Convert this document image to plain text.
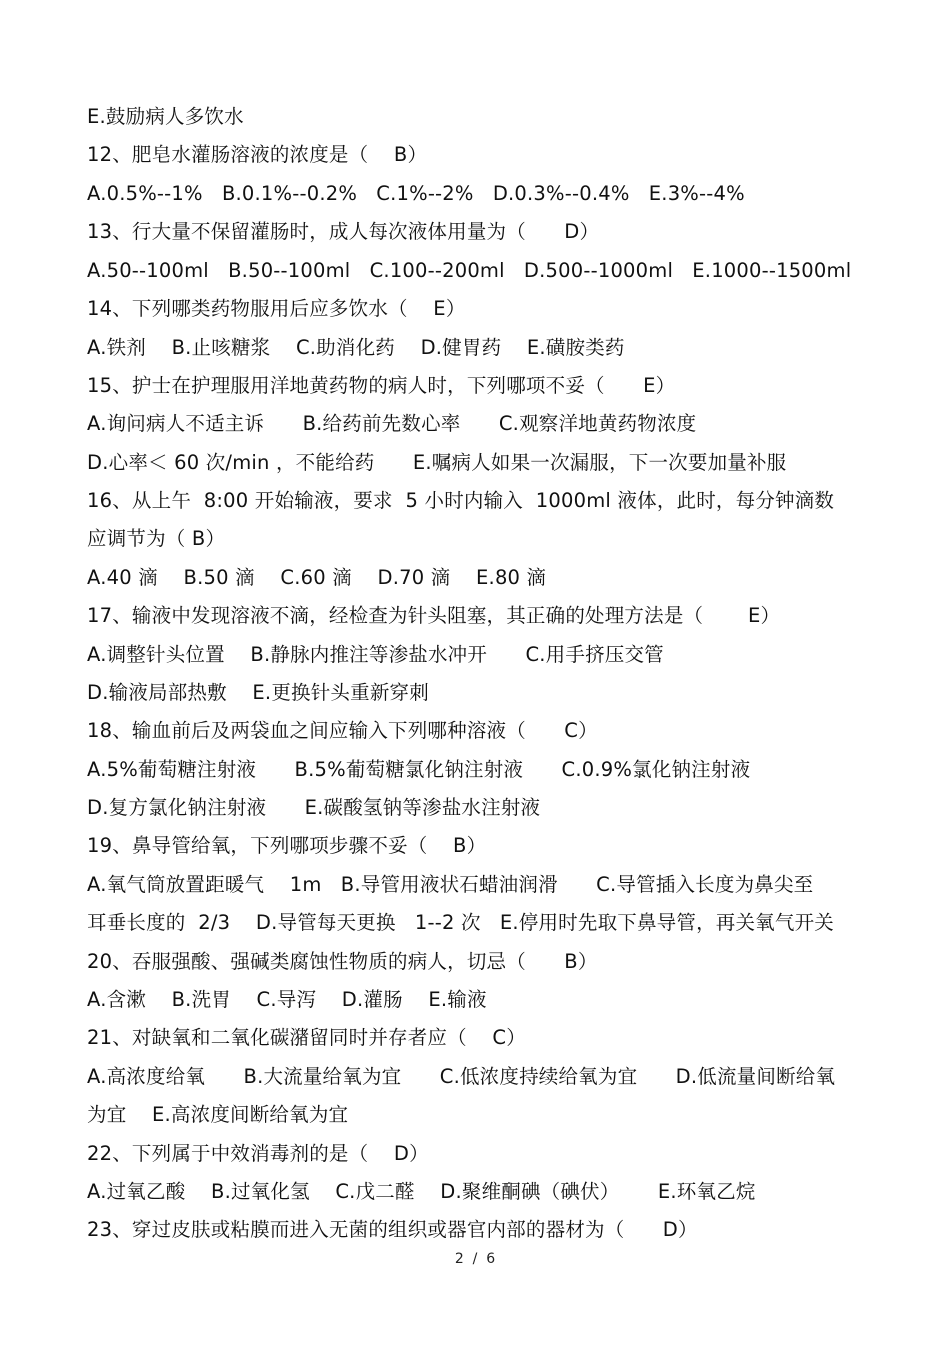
E.鼓励病人多饮水
12、肥皂水灌肠溶液的浓度是（    B）
A.0.5%--1%   B.0.1%--0.2%   C.1%--2%   D.0.3%--0.4%   E.3%--4%
13、行大量不保留灌肠时，成人每次液体用量为（      D）
A.50--100ml   B.50--100ml   C.100--200ml   D.500--1000ml   E.1000--1500ml
14、下列哪类药物服用后应多饮水（    E）
A.铁剂    B.止咳糖浆    C.助消化药    D.健胃药    E.磺胺类药
15、护士在护理服用洋地黄药物的病人时，下列哪项不妥（      E）
A.询问病人不适主诉      B.给药前先数心率      C.观察洋地黄药物浓度
D.心率＜ 60 次/min ，不能给药      E.嘱病人如果一次漏服，下一次要加量补服
16、从上午  8:00 开始输液，要求  5 小时内输入  1000ml 液体，此时，每分钟滴数
应调节为（ B）
A.40 滴    B.50 滴    C.60 滴    D.70 滴    E.80 滴
17、输液中发现溶液不滴，经检查为针头阻塞，其正确的处理方法是（       E）
A.调整针头位置    B.静脉内推注等渗盐水冲开      C.用手挤压交管
D.输液局部热敷    E.更换针头重新穿刺
18、输血前后及两袋血之间应输入下列哪种溶液（      C）
A.5%葡萄糖注射液      B.5%葡萄糖氯化钠注射液      C.0.9%氯化钠注射液
D.复方氯化钠注射液      E.碳酸氢钠等渗盐水注射液
19、鼻导管给氧，下列哪项步骤不妥（    B）
A.氧气筒放置距暖气    1m   B.导管用液状石蜡油润滑      C.导管插入长度为鼻尖至
耳垂长度的  2/3    D.导管每天更换   1--2 次   E.停用时先取下鼻导管，再关氧气开关
20、吞服强酸、强碱类腐蚀性物质的病人，切忌（      B）
A.含漱    B.洗胃    C.导泻    D.灌肠    E.输液
21、对缺氧和二氧化碳潴留同时并存者应（    C）
A.高浓度给氧      B.大流量给氧为宜      C.低浓度持续给氧为宜      D.低流量间断给氧
为宜    E.高浓度间断给氧为宜
22、下列属于中效消毒剂的是（    D）
A.过氧乙酸    B.过氧化氢    C.戊二醛    D.聚维酮碘（碘伏）      E.环氧乙烷
23、穿过皮肤或粘膜而进入无菌的组织或器官内部的器材为（      D）
2  /  6
